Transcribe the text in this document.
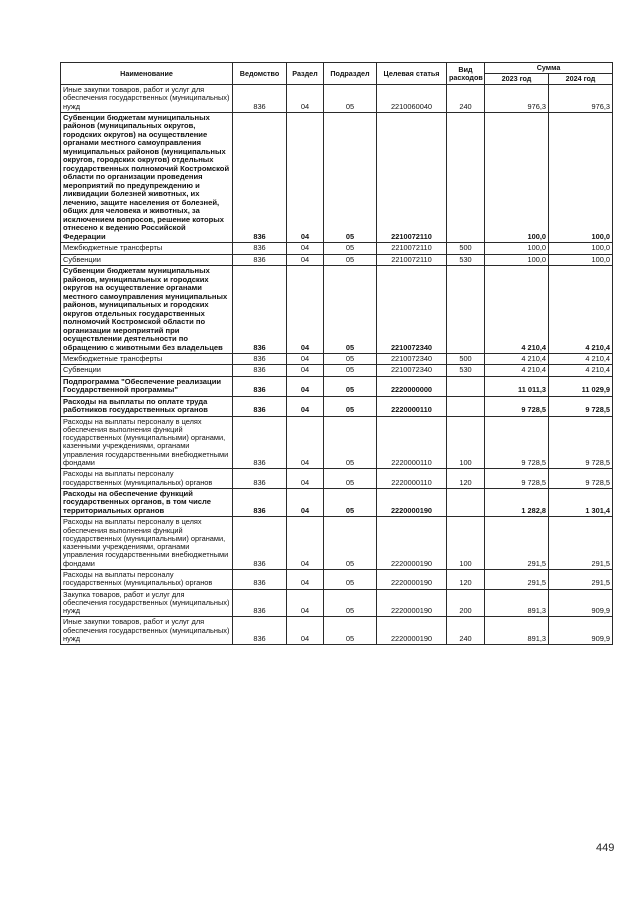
Наименование	Ведомство	Раздел	Подраздел	Целевая статья	Вид расходов	Сумма	
						2023 год	2024 год
Иные закупки товаров, работ и услуг для обеспечения государственных (муниципальных) нужд	836	04	05	2210060040	240	976,3	976,3
Субвенции бюджетам муниципальных районов (муниципальных округов, городских округов) на осуществление органами местного самоуправления муниципальных районов (муниципальных округов, городских округов) отдельных государственных полномочий Костромской области по организации проведения мероприятий по предупреждению и ликвидации болезней животных, их лечению, защите населения от болезней, общих для человека и животных, за исключением вопросов, решение которых отнесено к ведению Российской Федерации	836	04	05	2210072110		100,0	100,0
Межбюджетные трансферты	836	04	05	2210072110	500	100,0	100,0
Субвенции	836	04	05	2210072110	530	100,0	100,0
Субвенции бюджетам муниципальных районов, муниципальных и городских округов на осуществление органами местного самоуправления муниципальных районов, муниципальных и городских округов отдельных государственных полномочий Костромской области по организации мероприятий при осуществлении деятельности по обращению с животными без владельцев	836	04	05	2210072340		4 210,4	4 210,4
Межбюджетные трансферты	836	04	05	2210072340	500	4 210,4	4 210,4
Субвенции	836	04	05	2210072340	530	4 210,4	4 210,4
Подпрограмма "Обеспечение реализации Государственной программы"	836	04	05	2220000000		11 011,3	11 029,9
Расходы на выплаты по оплате труда работников государственных органов	836	04	05	2220000110		9 728,5	9 728,5
Расходы на выплаты персоналу в целях обеспечения выполнения функций государственных (муниципальными) органами, казенными учреждениями, органами управления государственными внебюджетными фондами	836	04	05	2220000110	100	9 728,5	9 728,5
Расходы на выплаты персоналу государственных (муниципальных) органов	836	04	05	2220000110	120	9 728,5	9 728,5
Расходы на обеспечение функций государственных органов, в том числе территориальных органов	836	04	05	2220000190		1 282,8	1 301,4
Расходы на выплаты персоналу в целях обеспечения выполнения функций государственных (муниципальными) органами, казенными учреждениями, органами управления государственными внебюджетными фондами	836	04	05	2220000190	100	291,5	291,5
Расходы на выплаты персоналу государственных (муниципальных) органов	836	04	05	2220000190	120	291,5	291,5
Закупка товаров, работ и услуг для обеспечения государственных (муниципальных) нужд	836	04	05	2220000190	200	891,3	909,9
Иные закупки товаров, работ и услуг для обеспечения государственных (муниципальных) нужд	836	04	05	2220000190	240	891,3	909,9
449
